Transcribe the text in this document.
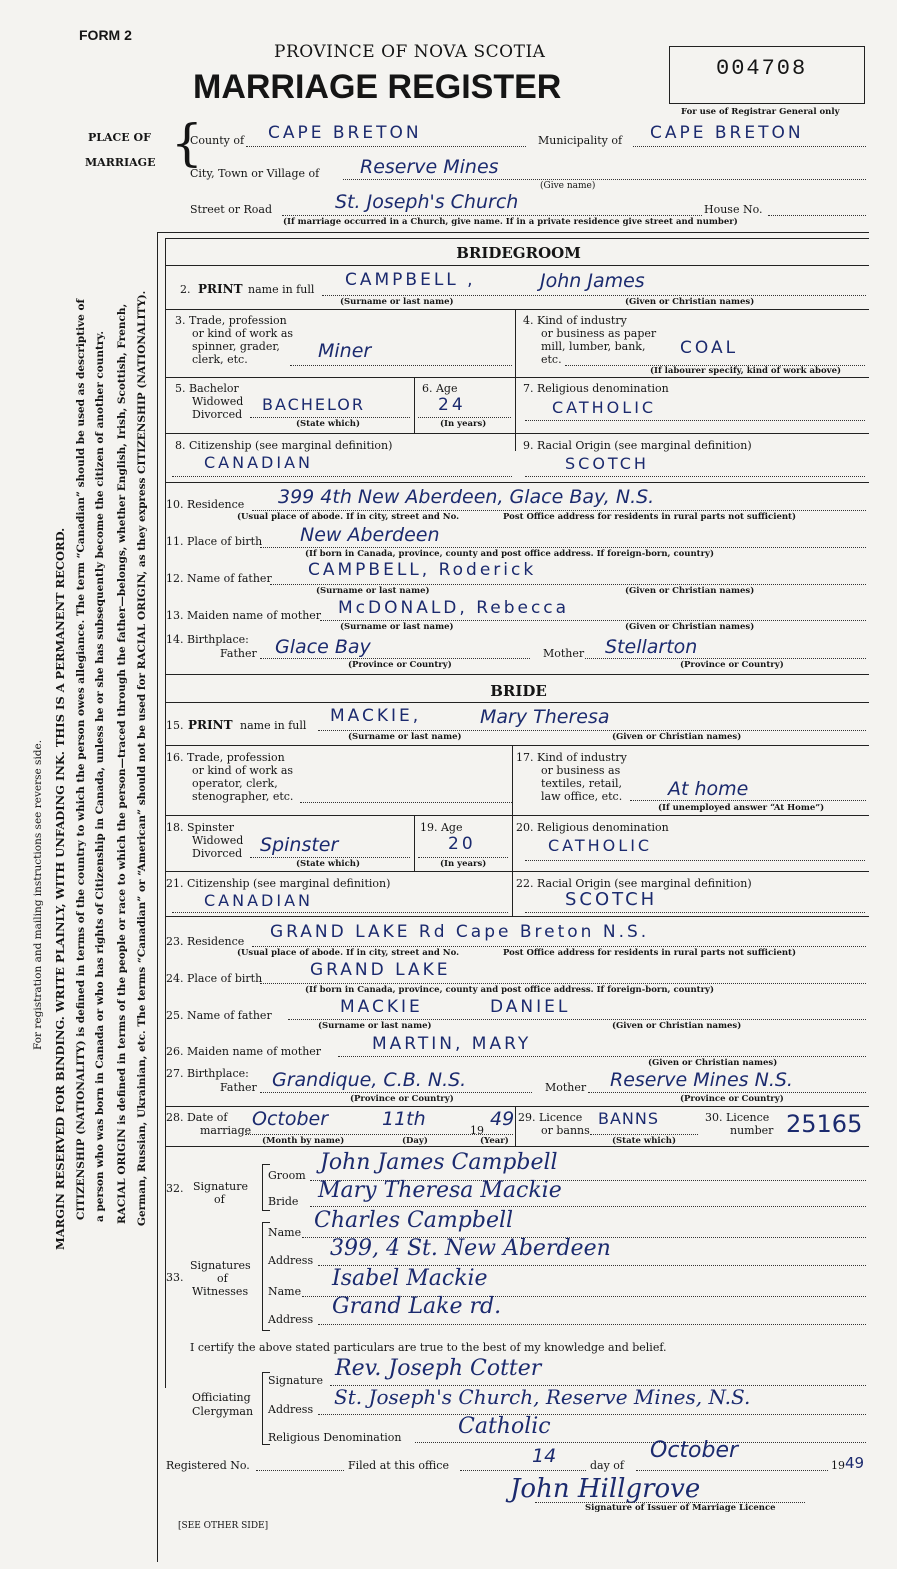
FORM 2
PROVINCE OF NOVA SCOTIA
MARRIAGE REGISTER	004708
For use of Registrar General only
PLACE OF
MARRIAGE {
County of CAPE BRETON	Municipality of CAPE BRETON
City, Town or Village of Reserve Mines
(Give name)
Street or Road	St. Joseph's Church	House No.
(If marriage occurred in a Church, give name. If in a private residence give street and number)
For registration and mailing instructions see reverse side. MARGIN RESERVED FOR BINDING. WRITE PLAINLY, WITH UNFADING INK. THIS IS A PERMANENT RECORD. CITIZENSHIP (NATIONALITY) is defined in terms of the country to which the person owes allegiance. The term “Canadian” should be used as descriptive of a person who was born in Canada or who has rights of Citizenship in Canada, unless he or she has subsequently become the citizen of another country. RACIAL ORIGIN is defined in terms of the people or race to which the person—traced through the father—belongs, whether English, Irish, Scottish, French, German, Russian, Ukrainian, etc. The terms “Canadian” or “American” should not be used for RACIAL ORIGIN, as they express CITIZENSHIP (NATIONALITY).
BRIDEGROOM
2. PRINT name in full CAMPBELL ,	John James
(Surname or last name)	(Given or Christian names)
3. Trade, profession
or kind of work as
spinner, grader,
clerk, etc.	Miner
4. Kind of industry
or business as paper
mill, lumber, bank,
etc.
COAL
(If labourer specify, kind of work above)
5. Bachelor
Widowed
Divorced
BACHELOR
(State which)
6. Age
24
(In years)
7. Religious denomination
CATHOLIC
8. Citizenship (see marginal definition)
CANADIAN
9. Racial Origin (see marginal definition)
SCOTCH
10. Residence 399 4th New Aberdeen, Glace Bay, N.S.
(Usual place of abode. If in city, street and No.	Post Office address for residents in rural parts not sufficient)
11. Place of birth New Aberdeen
(If born in Canada, province, county and post office address. If foreign-born, country)
12. Name of father CAMPBELL, Roderick
(Surname or last name)	(Given or Christian names)
13. Maiden name of mother McDONALD, Rebecca
(Surname or last name)	(Given or Christian names)
14. Birthplace:
Father Glace Bay
(Province or Country)
Mother Stellarton
(Province or Country)
BRIDE
15. PRINT name in full MACKIE,	Mary Theresa
(Surname or last name)	(Given or Christian names)
16. Trade, profession
or kind of work as
operator, clerk,
stenographer, etc.
17. Kind of industry
or business as
textiles, retail,
law office, etc. At home
(If unemployed answer “At Home”)
18. Spinster
Widowed
Divorced Spinster
(State which)
19. Age
20
(In years)
20. Religious denomination
CATHOLIC
21. Citizenship (see marginal definition)
CANADIAN
22. Racial Origin (see marginal definition)
SCOTCH
23. Residence GRAND LAKE Rd Cape Breton N.S.
(Usual place of abode. If in city, street and No.	Post Office address for residents in rural parts not sufficient)
24. Place of birth	GRAND LAKE
(If born in Canada, province, county and post office address. If foreign-born, country)
25. Name of father	MACKIE	DANIEL
(Surname or last name)	(Given or Christian names)
26. Maiden name of mother	MARTIN, MARY
(Given or Christian names)
27. Birthplace:
Father Grandique, C.B. N.S.
(Province or Country)
Mother Reserve Mines N.S.
(Province or Country)
28. Date of
marriage
October	11th
19
49
(Month by name)	(Day)	(Year)
29. Licence
or banns
BANNS
(State which)
30. Licence
number 25165
32. Signature
of
Groom
John James Campbell
Bride Mary Theresa Mackie
33.
Signatures
of
Witnesses
Name Charles Campbell
Address 399, 4 St. New Aberdeen
Name
Isabel Mackie
Address
Grand Lake rd.
I certify the above stated particulars are true to the best of my knowledge and belief.
Officiating
Clergyman
Signature Rev. Joseph Cotter
Address
St. Joseph's Church, Reserve Mines, N.S.
Religious Denomination	Catholic
Registered No.	Filed at this office	14	day of
October
19 49
John Hillgrove
Signature of Issuer of Marriage Licence
[SEE OTHER SIDE]
